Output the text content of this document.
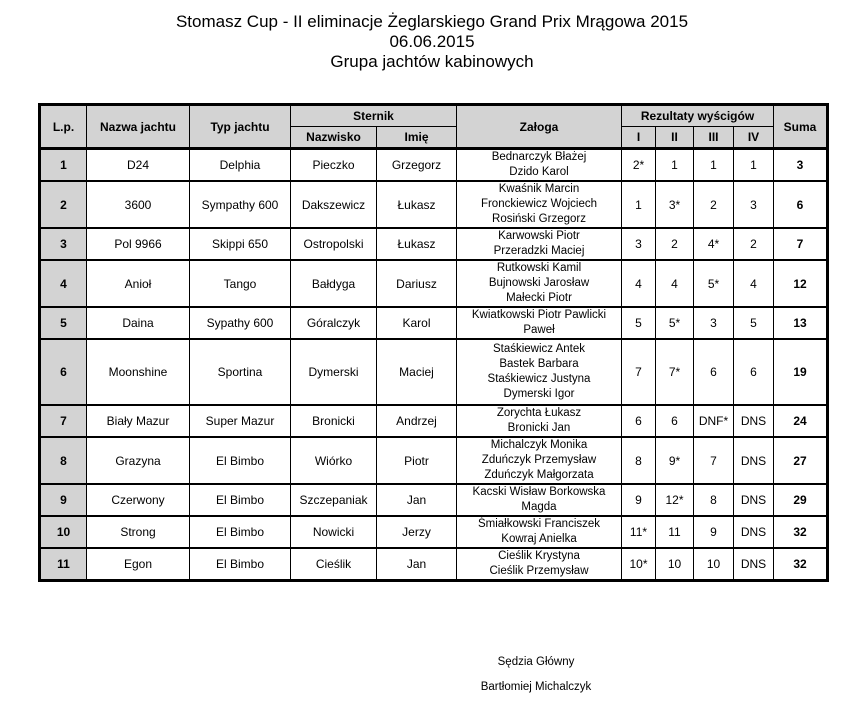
Stomasz Cup - II eliminacje Żeglarskiego Grand Prix Mrągowa 2015
06.06.2015
Grupa jachtów kabinowych
L.p.	Nazwa jachtu	Typ jachtu	Sternik		Załoga	Rezultaty wyścigów				Suma
			Nazwisko	Imię		I	II	III	IV	
1	D24	Delphia	Pieczko	Grzegorz	Bednarczyk Błażej
Dzido Karol	2*	1	1	1	3
2	3600	Sympathy 600	Dakszewicz	Łukasz	Kwaśnik Marcin
Fronckiewicz Wojciech
Rosiński Grzegorz	1	3*	2	3	6
3	Pol 9966	Skippi 650	Ostropolski	Łukasz	Karwowski Piotr
Przeradzki Maciej	3	2	4*	2	7
4	Anioł	Tango	Bałdyga	Dariusz	Rutkowski Kamil
Bujnowski Jarosław
Małecki Piotr	4	4	5*	4	12
5	Daina	Sypathy 600	Góralczyk	Karol	Kwiatkowski Piotr Pawlicki
Paweł	5	5*	3	5	13
6	Moonshine	Sportina	Dymerski	Maciej	Staśkiewicz Antek
Bastek Barbara
Staśkiewicz Justyna
Dymerski Igor	7	7*	6	6	19
7	Biały Mazur	Super Mazur	Bronicki	Andrzej	Zorychta Łukasz
Bronicki Jan	6	6	DNF*	DNS	24
8	Grazyna	El Bimbo	Wiórko	Piotr	Michalczyk Monika
Zduńczyk Przemysław
Zduńczyk Małgorzata	8	9*	7	DNS	27
9	Czerwony	El Bimbo	Szczepaniak	Jan	Kacski Wisław Borkowska
Magda	9	12*	8	DNS	29
10	Strong	El Bimbo	Nowicki	Jerzy	Śmiałkowski Franciszek
Kowraj Anielka	11*	11	9	DNS	32
11	Egon	El Bimbo	Cieślik	Jan	Cieślik Krystyna
Cieślik Przemysław	10*	10	10	DNS	32
Sędzia Główny
Bartłomiej Michalczyk
